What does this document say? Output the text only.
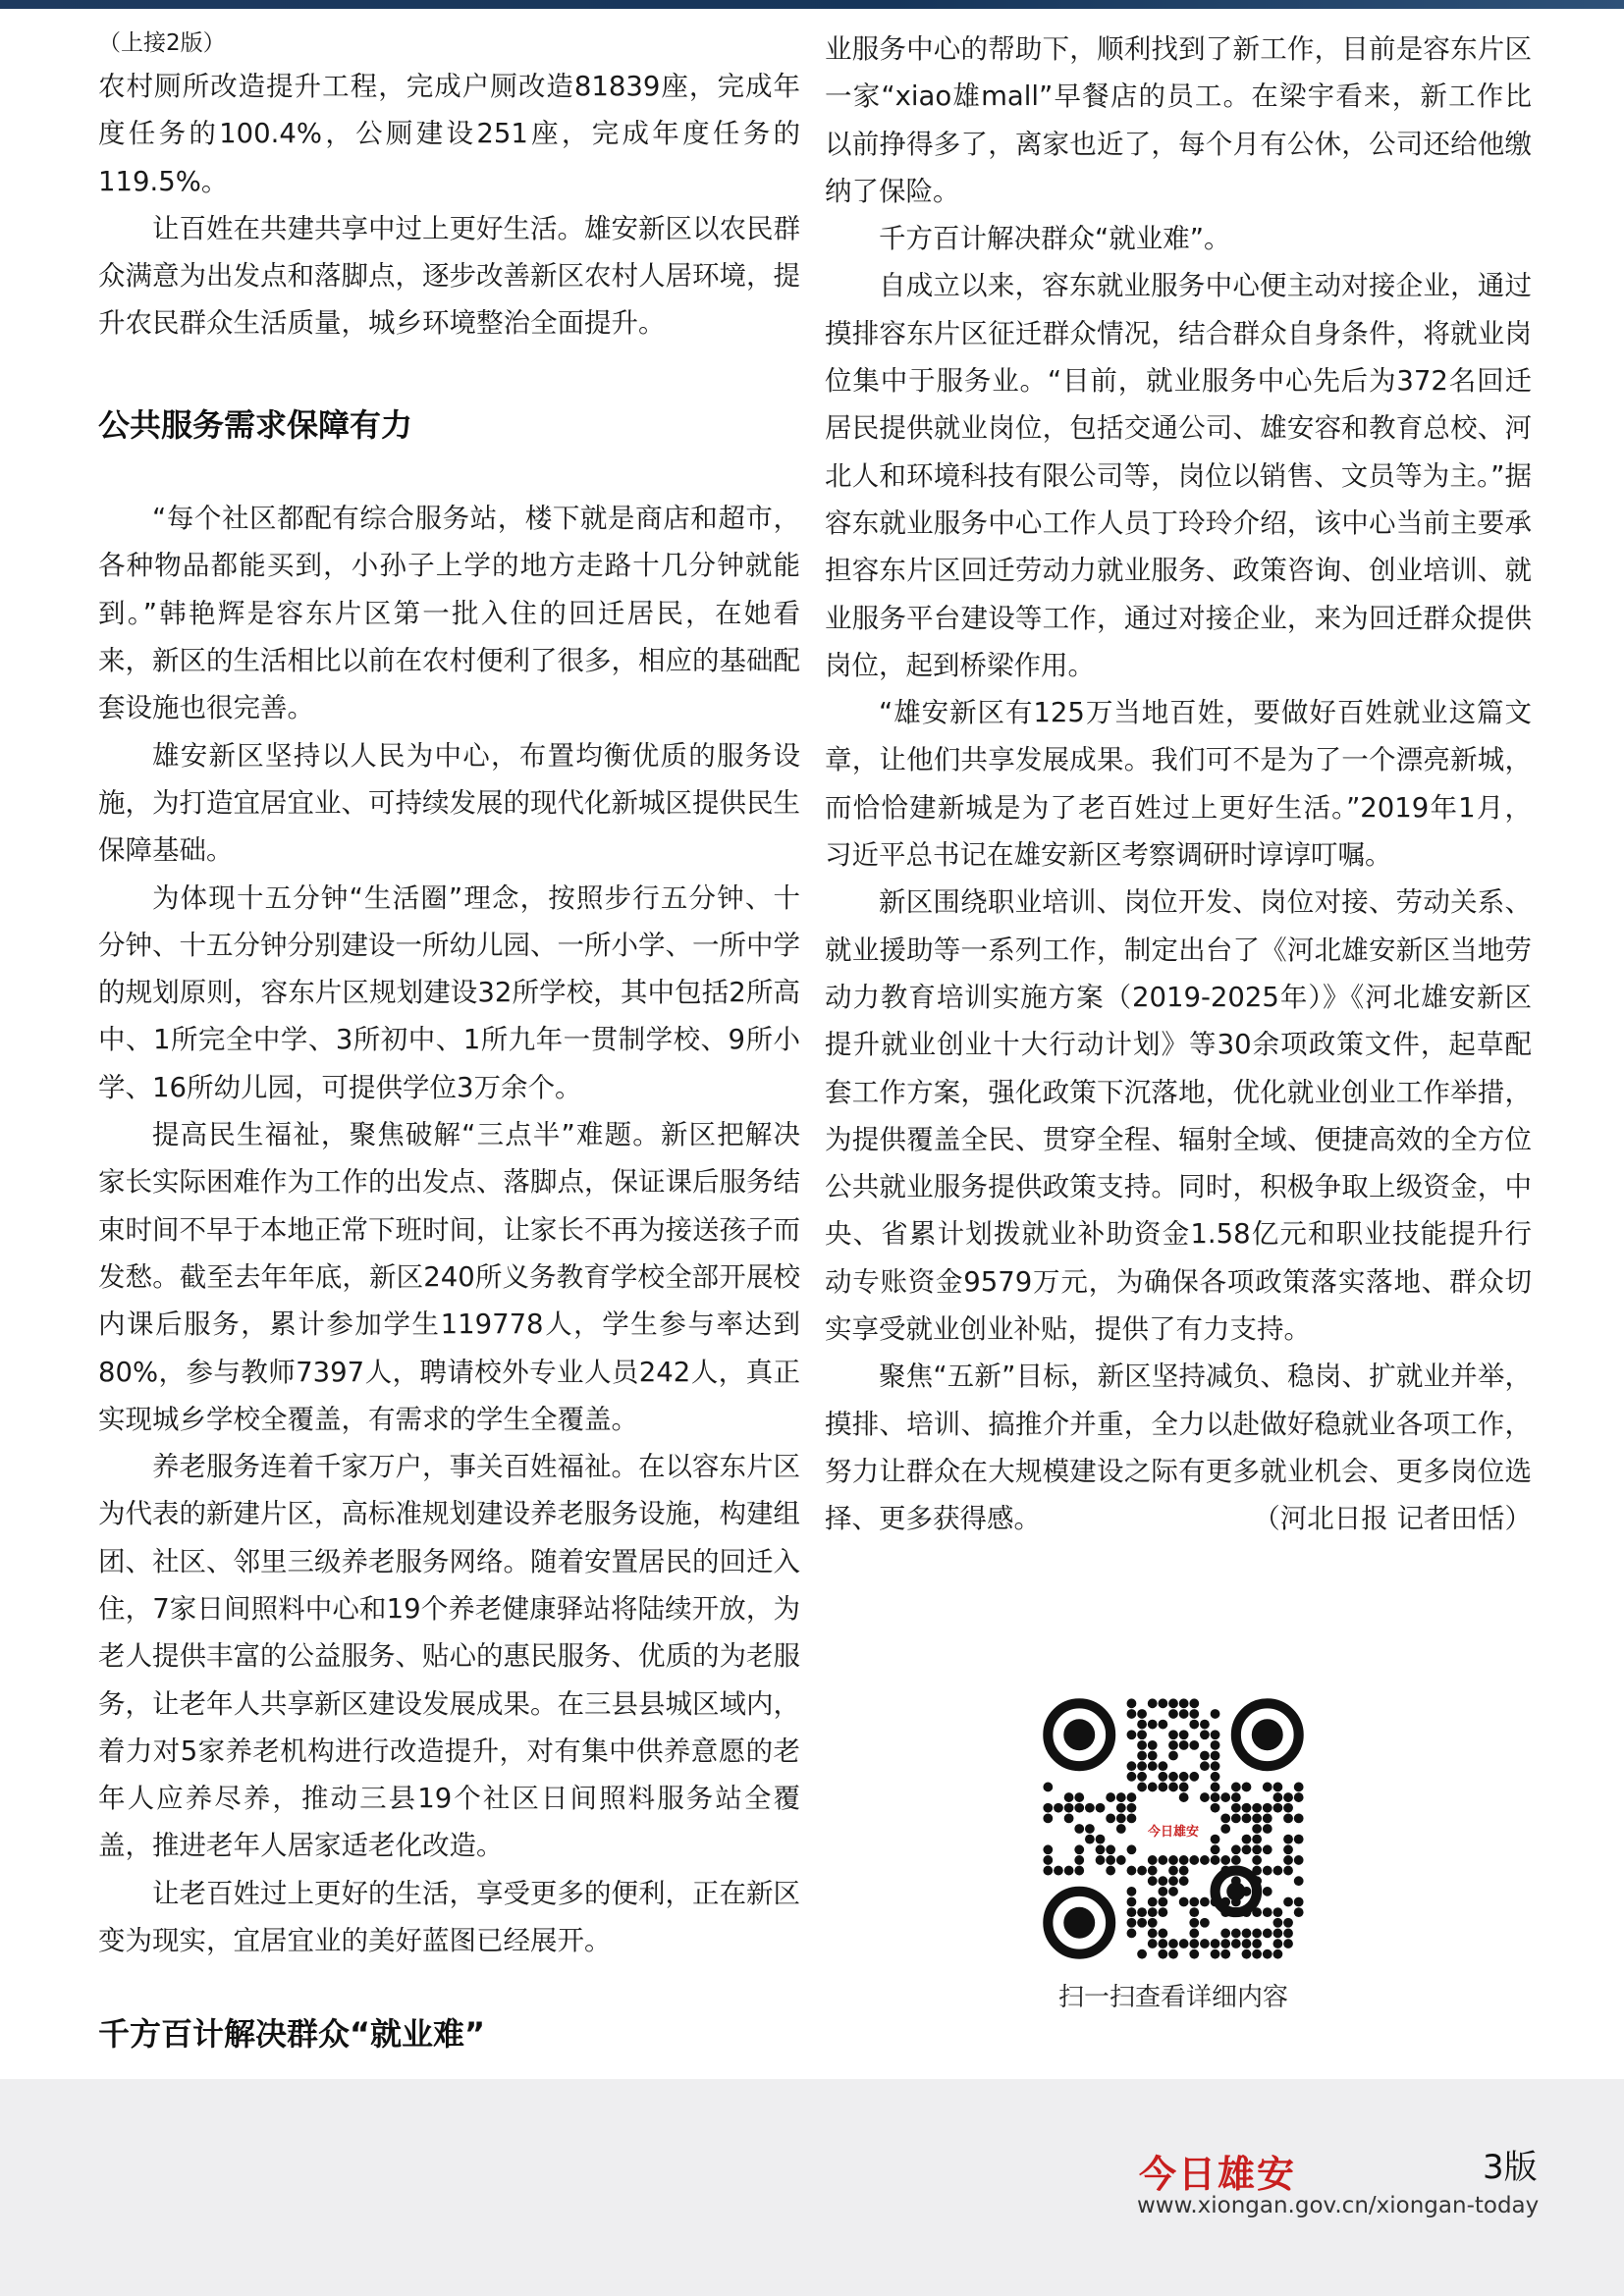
（上接2版）

农村厕所改造提升工程，完成户厕改造81839座，完成年度任务的100.4%，公厕建设251座，完成年度任务的119.5%。

让百姓在共建共享中过上更好生活。雄安新区以农民群众满意为出发点和落脚点，逐步改善新区农村人居环境，提升农民群众生活质量，城乡环境整治全面提升。

公共服务需求保障有力

“每个社区都配有综合服务站，楼下就是商店和超市，各种物品都能买到，小孙子上学的地方走路十几分钟就能到。”韩艳辉是容东片区第一批入住的回迁居民，在她看来，新区的生活相比以前在农村便利了很多，相应的基础配套设施也很完善。

雄安新区坚持以人民为中心，布置均衡优质的服务设施，为打造宜居宜业、可持续发展的现代化新城区提供民生保障基础。

为体现十五分钟“生活圈”理念，按照步行五分钟、十分钟、十五分钟分别建设一所幼儿园、一所小学、一所中学的规划原则，容东片区规划建设32所学校，其中包括2所高中、1所完全中学、3所初中、1所九年一贯制学校、9所小学、16所幼儿园，可提供学位3万余个。

提高民生福祉，聚焦破解“三点半”难题。新区把解决家长实际困难作为工作的出发点、落脚点，保证课后服务结束时间不早于本地正常下班时间，让家长不再为接送孩子而发愁。截至去年年底，新区240所义务教育学校全部开展校内课后服务，累计参加学生119778人，学生参与率达到80%，参与教师7397人，聘请校外专业人员242人，真正实现城乡学校全覆盖，有需求的学生全覆盖。

养老服务连着千家万户，事关百姓福祉。在以容东片区为代表的新建片区，高标准规划建设养老服务设施，构建组团、社区、邻里三级养老服务网络。随着安置居民的回迁入住，7家日间照料中心和19个养老健康驿站将陆续开放，为老人提供丰富的公益服务、贴心的惠民服务、优质的为老服务，让老年人共享新区建设发展成果。在三县县城区域内，着力对5家养老机构进行改造提升，对有集中供养意愿的老年人应养尽养，推动三县19个社区日间照料服务站全覆盖，推进老年人居家适老化改造。

让老百姓过上更好的生活，享受更多的便利，正在新区变为现实，宜居宜业的美好蓝图已经展开。

千方百计解决群众“就业难”

业服务中心的帮助下，顺利找到了新工作，目前是容东片区一家“xiao雄mall”早餐店的员工。在梁宇看来，新工作比以前挣得多了，离家也近了，每个月有公休，公司还给他缴纳了保险。

千方百计解决群众“就业难”。

自成立以来，容东就业服务中心便主动对接企业，通过摸排容东片区征迁群众情况，结合群众自身条件，将就业岗位集中于服务业。“目前，就业服务中心先后为372名回迁居民提供就业岗位，包括交通公司、雄安容和教育总校、河北人和环境科技有限公司等，岗位以销售、文员等为主。”据容东就业服务中心工作人员丁玲玲介绍，该中心当前主要承担容东片区回迁劳动力就业服务、政策咨询、创业培训、就业服务平台建设等工作，通过对接企业，来为回迁群众提供岗位，起到桥梁作用。

“雄安新区有125万当地百姓，要做好百姓就业这篇文章，让他们共享发展成果。我们可不是为了一个漂亮新城，而恰恰建新城是为了老百姓过上更好生活。”2019年1月，习近平总书记在雄安新区考察调研时谆谆叮嘱。

新区围绕职业培训、岗位开发、岗位对接、劳动关系、就业援助等一系列工作，制定出台了《河北雄安新区当地劳动力教育培训实施方案（2019-2025年）》《河北雄安新区提升就业创业十大行动计划》等30余项政策文件，起草配套工作方案，强化政策下沉落地，优化就业创业工作举措，为提供覆盖全民、贯穿全程、辐射全域、便捷高效的全方位公共就业服务提供政策支持。同时，积极争取上级资金，中央、省累计划拨就业补助资金1.58亿元和职业技能提升行动专账资金9579万元，为确保各项政策落实落地、群众切实享受就业创业补贴，提供了有力支持。

聚焦“五新”目标，新区坚持减负、稳岗、扩就业并举，摸排、培训、搞推介并重，全力以赴做好稳就业各项工作，努力让群众在大规模建设之际有更多就业机会、更多岗位选择、更多获得感。	（河北日报 记者田恬）

今日雄安
扫一扫查看详细内容
今日雄安	3版
www.xiongan.gov.cn/xiongan-today
